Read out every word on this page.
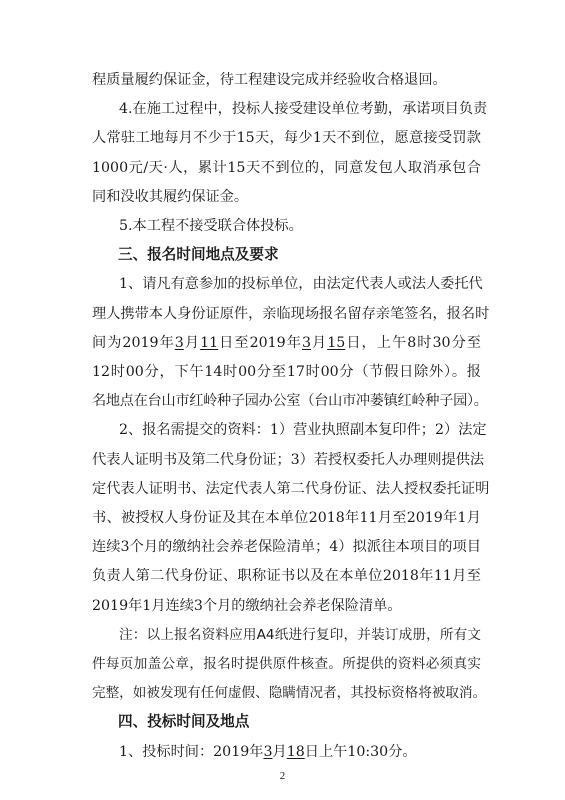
程质量履约保证金，待工程建设完成并经验收合格退回。
4.在施工过程中，投标人接受建设单位考勤，承诺项目负责
人常驻工地每月不少于15天，每少1天不到位，愿意接受罚款
1000元/天·人，累计15天不到位的，同意发包人取消承包合
同和没收其履约保证金。
5.本工程不接受联合体投标。
三、报名时间地点及要求
1、请凡有意参加的投标单位，由法定代表人或法人委托代
理人携带本人身份证原件，亲临现场报名留存亲笔签名，报名时
间为2019年3月11日至2019年3月15日，上午8时30分至
12时00分，下午14时00分至17时00分（节假日除外）。报
名地点在台山市红岭种子园办公室（台山市冲蒌镇红岭种子园）。
2、报名需提交的资料：1）营业执照副本复印件；2）法定
代表人证明书及第二代身份证；3）若授权委托人办理则提供法
定代表人证明书、法定代表人第二代身份证、法人授权委托证明
书、被授权人身份证及其在本单位2018年11月至2019年1月
连续3个月的缴纳社会养老保险清单；4）拟派往本项目的项目
负责人第二代身份证、职称证书以及在本单位2018年11月至
2019年1月连续3个月的缴纳社会养老保险清单。
注：以上报名资料应用A4纸进行复印，并装订成册，所有文
件每页加盖公章，报名时提供原件核查。所提供的资料必须真实
完整，如被发现有任何虚假、隐瞒情况者，其投标资格将被取消。
四、投标时间及地点
1、投标时间：2019年3月18日上午10:30分。
2
